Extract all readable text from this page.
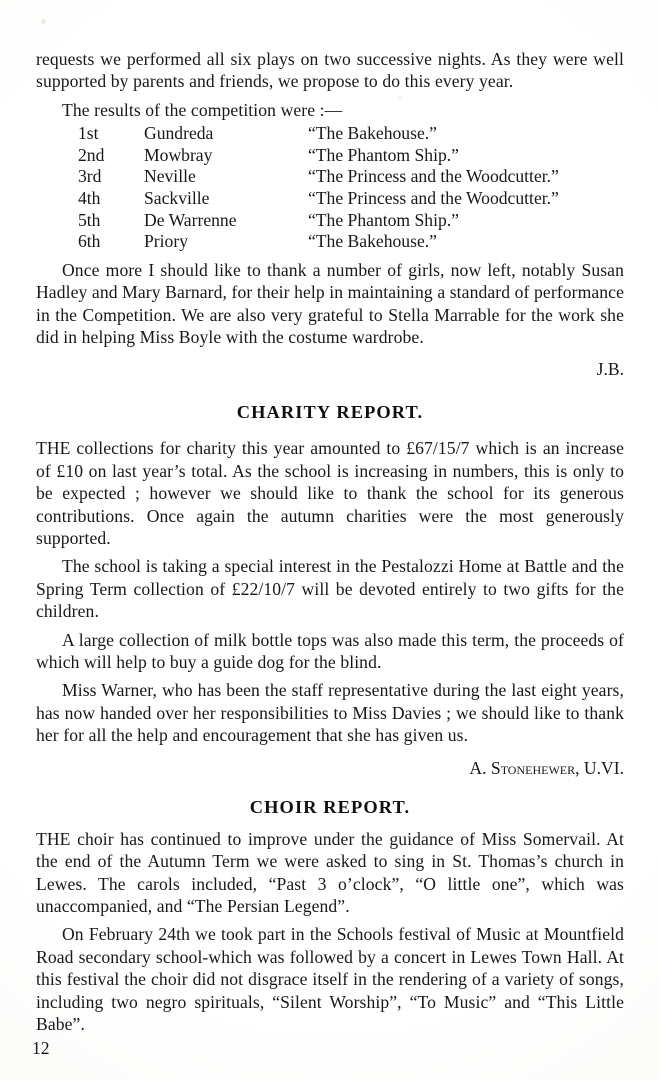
requests we performed all six plays on two successive nights. As they were well supported by parents and friends, we propose to do this every year.

The results of the competition were :—

1st	Gundreda	“The Bakehouse.”
2nd	Mowbray	“The Phantom Ship.”
3rd	Neville	“The Princess and the Woodcutter.”
4th	Sackville	“The Princess and the Woodcutter.”
5th	De Warrenne	“The Phantom Ship.”
6th	Priory	“The Bakehouse.”

Once more I should like to thank a number of girls, now left, notably Susan Hadley and Mary Barnard, for their help in maintaining a standard of performance in the Competition. We are also very grateful to Stella Marrable for the work she did in helping Miss Boyle with the costume wardrobe.

J.B.
CHARITY REPORT.

THE collections for charity this year amounted to £67/15/7 which is an increase of £10 on last year’s total. As the school is increasing in numbers, this is only to be expected ; however we should like to thank the school for its generous contributions. Once again the autumn charities were the most generously supported.

The school is taking a special interest in the Pestalozzi Home at Battle and the Spring Term collection of £22/10/7 will be devoted entirely to two gifts for the children.

A large collection of milk bottle tops was also made this term, the proceeds of which will help to buy a guide dog for the blind.

Miss Warner, who has been the staff representative during the last eight years, has now handed over her responsibilities to Miss Davies ; we should like to thank her for all the help and encouragement that she has given us.

A. Stonehewer, U.VI.
CHOIR REPORT.

THE choir has continued to improve under the guidance of Miss Somervail. At the end of the Autumn Term we were asked to sing in St. Thomas’s church in Lewes. The carols included, “Past 3 o’clock”, “O little one”, which was unaccompanied, and “The Persian Legend”.

On February 24th we took part in the Schools festival of Music at Mountfield Road secondary school-which was followed by a concert in Lewes Town Hall. At this festival the choir did not disgrace itself in the rendering of a variety of songs, including two negro spirituals, “Silent Worship”, “To Music” and “This Little Babe”.

12
